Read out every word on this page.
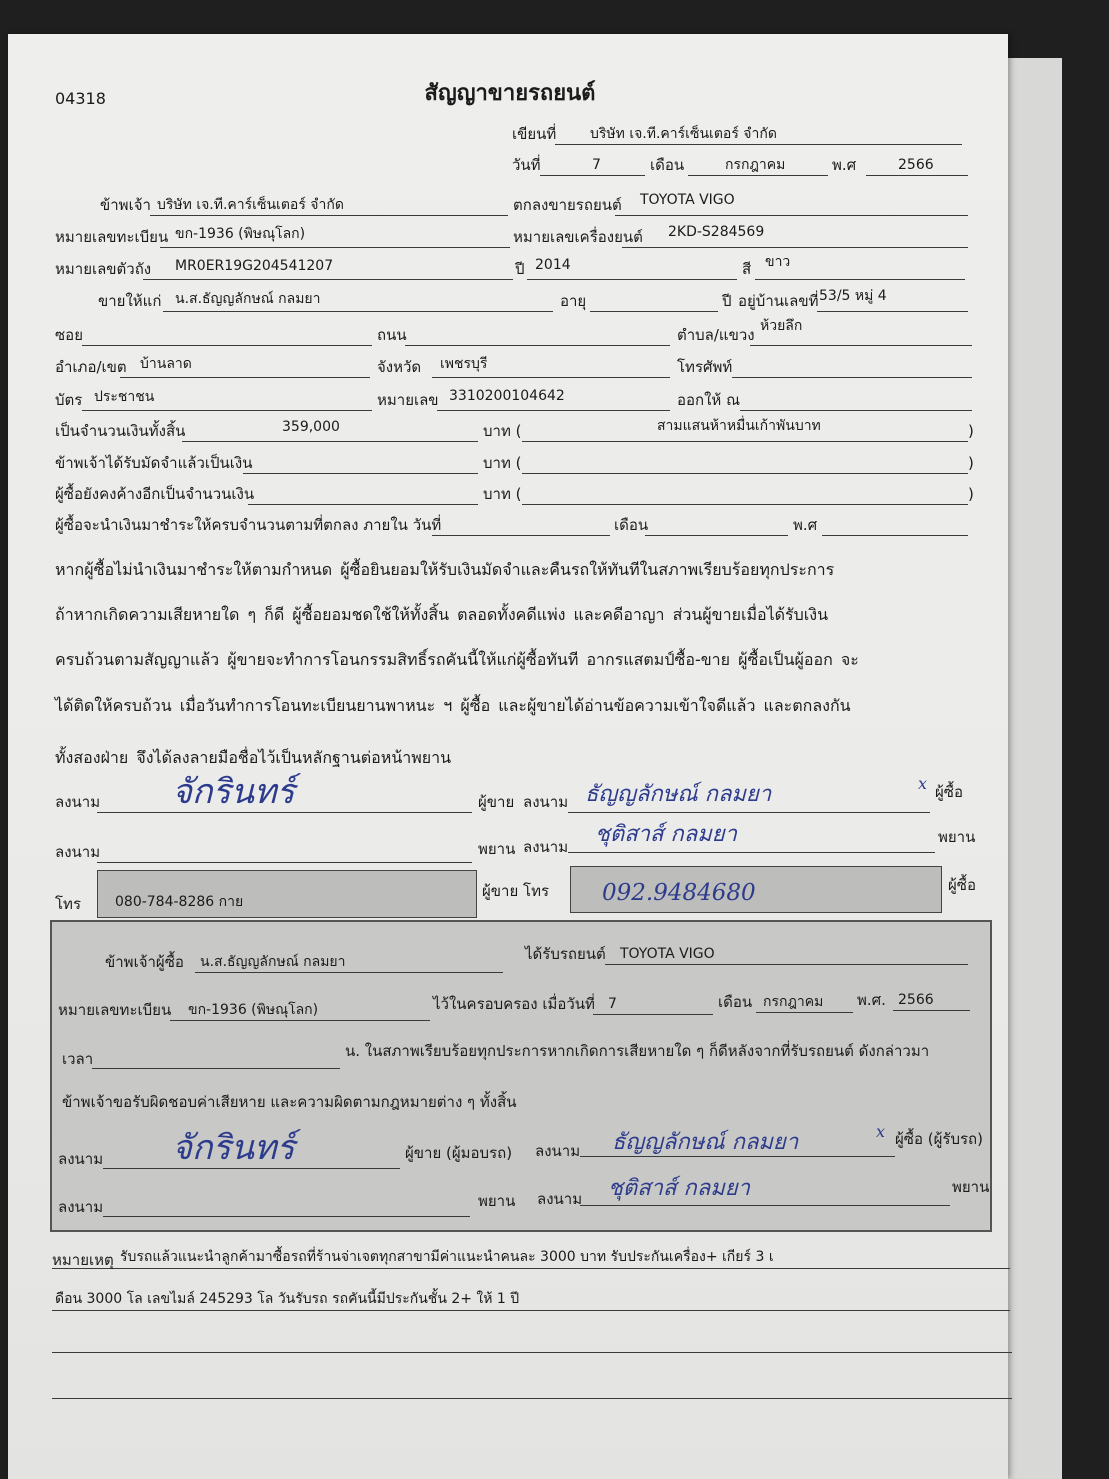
04318	สัญญาขายรถยนต์
เขียนที่ บริษัท เจ.ที.คาร์เซ็นเตอร์ จำกัด
วันที่	7	เดือน	กรกฎาคม	พ.ศ	2566
ข้าพเจ้า บริษัท เจ.ที.คาร์เซ็นเตอร์ จำกัด	ตกลงขายรถยนต์ TOYOTA VIGO
หมายเลขทะเบียน ขก-1936 (พิษณุโลก)	หมายเลขเครื่องยนต์ 2KD-S284569
หมายเลขตัวถัง MR0ER19G204541207	ปี 2014	สี ขาว
ขายให้แก่ น.ส.ธัญญลักษณ์ กลมยา	อายุ	ปี อยู่บ้านเลขที่ 53/5 หมู่ 4
ซอย	ถนน	ตำบล/แขวง ห้วยลึก
อำเภอ/เขต บ้านลาด	จังหวัด เพชรบุรี	โทรศัพท์
บัตร ประชาชน	หมายเลข 3310200104642	ออกให้ ณ
เป็นจำนวนเงินทั้งสิ้น	359,000	บาท (	สามแสนห้าหมื่นเก้าพันบาท	)
ข้าพเจ้าได้รับมัดจำแล้วเป็นเงิน	บาท (	)
ผู้ซื้อยังคงค้างอีกเป็นจำนวนเงิน	บาท (	)
ผู้ซื้อจะนำเงินมาชำระให้ครบจำนวนตามที่ตกลง ภายใน วันที่	เดือน	พ.ศ
หากผู้ซื้อไม่นำเงินมาชำระให้ตามกำหนด ผู้ซื้อยินยอมให้รับเงินมัดจำและคืนรถให้ทันทีในสภาพเรียบร้อยทุกประการ
ถ้าหากเกิดความเสียหายใด ๆ ก็ดี ผู้ซื้อยอมชดใช้ให้ทั้งสิ้น ตลอดทั้งคดีแพ่ง และคดีอาญา ส่วนผู้ขายเมื่อได้รับเงิน
ครบถ้วนตามสัญญาแล้ว ผู้ขายจะทำการโอนกรรมสิทธิ์รถคันนี้ให้แก่ผู้ซื้อทันที อากรแสตมป์ซื้อ-ขาย ผู้ซื้อเป็นผู้ออก จะ
ได้ติดให้ครบถ้วน เมื่อวันทำการโอนทะเบียนยานพาหนะ ฯ ผู้ซื้อ และผู้ขายได้อ่านข้อความเข้าใจดีแล้ว และตกลงกัน
ทั้งสองฝ่าย จึงได้ลงลายมือชื่อไว้เป็นหลักฐานต่อหน้าพยาน
ลงนาม จักรินทร์	ผู้ขาย ลงนาม ธัญญลักษณ์ กลมยา	x ผู้ซื้อ
ลงนาม	พยาน ลงนาม ชุติสาส์ กลมยา	พยาน
โทร 080-784-8286 กาย
ผู้ขาย โทร 092.9484680	ผู้ซื้อ
ข้าพเจ้าผู้ซื้อ น.ส.ธัญญลักษณ์ กลมยา	ได้รับรถยนต์ TOYOTA VIGO
หมายเลขทะเบียน ขก-1936 (พิษณุโลก)	ไว้ในครอบครอง เมื่อวันที่ 7	เดือน กรกฎาคม พ.ศ. 2566
เวลา	น. ในสภาพเรียบร้อยทุกประการหากเกิดการเสียหายใด ๆ ก็ดีหลังจากที่รับรถยนต์ ดังกล่าวมา
ข้าพเจ้าขอรับผิดชอบค่าเสียหาย และความผิดตามกฎหมายต่าง ๆ ทั้งสิ้น
ลงนาม จักรินทร์	ผู้ขาย (ผู้มอบรถ) ลงนาม ธัญญลักษณ์ กลมยา	x ผู้ซื้อ (ผู้รับรถ)
ลงนาม	พยาน ลงนาม ชุติสาส์ กลมยา	พยาน
หมายเหตุ รับรถแล้วแนะนำลูกค้ามาซื้อรถที่ร้านจ่าเจตทุกสาขามีค่าแนะนำคนละ 3000 บาท รับประกันเครื่อง+ เกียร์ 3 เ
ดือน 3000 โล เลขไมล์ 245293 โล วันรับรถ รถคันนี้มีประกันชั้น 2+ ให้ 1 ปี
